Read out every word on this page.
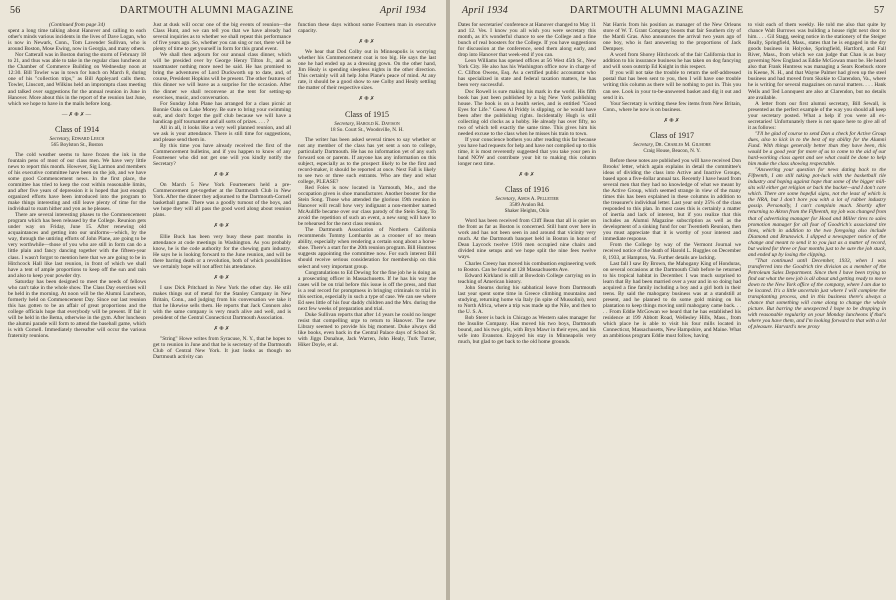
56	DARTMOUTH ALUMNI MAGAZINE	April 1934

(Continued from page 34)

spent a long time talking about Hanover and calling to each other's minds various incidents in the lives of Dave Logan, who is now in Newark, Conn., Tom Lavender Sullivan, who is around Boston, Mose Ewing, now in Georgia, and many others.

Nor Catterall was in Boston during the storm of February 18 to 21, and thus was able to take in the regular class luncheon at the Chamber of Commerce Building on Wednesday noon at 12:30. Bill Towler was in town for lunch on March 8, during one of his "collection trips," as Bill Appleyard calls them. Towler, Linscott, and Wilkins held an impromptu class meeting and talked over suggestions for the annual reunion in June in Hanover. More about this in the report of the reunion last June, which we hope to have in the mails before long.

—✗✙✗—
Class of 1914

Secretary, Edward Leech

565 Boylston St., Boston

The cold weather seems to have frozen the ink in the fountain pens of most of our class men. We have very little news to report this month. However, Sig Larmon and members of his executive committee have been on the job, and we have some good Commencement news. In the first place, the committee has tried to keep the cost within reasonable limits, and after five years of depression it is hoped that just enough organized efforts have been introduced into the program to make things interesting and still leave plenty of time for the individual to roam hither and yon as he pleases.

There are several interesting phases to the Commencement program which has been released by the College. Reunion gets under way on Friday, June 15. After renewing old acquaintances and getting into our uniforms—which, by the way, through the untiring efforts of John Plane, are going to be very worthwhile—those of you who are still in form can do a little plain and fancy dancing together with the fifteen-year class. I wasn't forgot to mention here that we are going to be in Hitchcock Hall like last reunion, in front of which we shall have a tent of ample proportions to keep off the sun and rain and also to keep your powder dry.

Saturday has been designed to meet the needs of fellows who can't take in the whole show. The Class Day exercises will be held in the morning. At noon will be the Alumni Luncheon, formerly held on Commencement Day. Since our last reunion this has gotten to be an affair of great proportions and the college officials hope that everybody will be present. If fair it will be held in the Bema, otherwise in the gym. After luncheon the alumni parade will form to attend the baseball game, which is with Cornell. Immediately thereafter will occur the various fraternity reunions.

Just at dusk will occur one of the big events of reunion—the Class Hunt, and we can tell you that we have already had several inquiries as to whether we shall repeat this performance of five years ago. So, whether you can sing or not, there will be plenty of time to get yourself in form for this grand event.

We shall then adjourn for our annual class dinner, which will be presided over by George Henry Tilton Jr., and as toastmaster nothing more need be said. He has promised to bring the adventures of Lord Duckworth up to date, and, of course, President Hopkins will be present. The other features of this dinner we will leave as a surprise for the occasion. After the dinner we shall reconvene at the tent for setting-up exercises, music, and conversation.

For Sunday John Plane has arranged for a class picnic at Bonnie Oaks on Lake Morey. Be sure to bring your swimming suit, and don't forget the golf club because we will have a handicap golf tournament and all sorts of prizes. . . . ?

All in all, it looks like a very well planned reunion, and all we ask is your attendance. There is still time for suggestions, and please send them in.

By this time you have already received the first of the Commencement bulletins, and if you happen to know of any Fourteener who did not get one will you kindly notify the Secretary?

✗✙✗

On March 5 New York Fourteeners held a pre-Commencement get-together at the Dartmouth Club in New York. After the dinner they adjourned to the Dartmouth-Cornell basketball game. There was a goodly turnout of the boys, and we hope they will all pass the good word along about reunion plans.

✗✙✗

Ellie Buck has been very busy these past months in attendance at code meetings in Washington. As you probably know, he is the code authority for the chewing gum industry. He says he is looking forward to the June reunion, and will be there barring death or a revolution, both of which possibilities we certainly hope will not affect his attendance.

✗✙✗

I saw Dick Pritchard in New York the other day. He still makes things out of metal for the Stanley Company in New Britain, Conn., and judging from his conversation we take it that he likewise sells them. He reports that Jack Connors also with the same company is very much alive and well, and is president of the Central Connecticut Dartmouth Association.

✗✙✗

"String" Howe writes from Syracuse, N. Y., that he hopes to get to reunion in June and that he is secretary of the Dartmouth Club of Central New York. It just looks as though no Dartmouth activity can

function these days without some Fourteen man in executive capacity.

✗✙✗

We hear that Dod Colby out in Minneapolis is worrying whether his Commencement coat is too big. He says the last one he had ended up as a dressing gown. On the other hand, Jim Healy is spending sleepless nights in the other direction. This certainly will all help John Plane's peace of mind. At any rate, it should be a good show to see Colby and Healy settling the matter of their respective sizes.

✗✙✗
Class of 1915

Secretary, Harold K. Davison

18 So. Court St., Woodsville, N. H.

The writer has been asked several times to say whether or not any member of the class has yet sent a son to college, particularly Dartmouth. He has no information yet of any such forward son or parents. If anyone has any information on this subject, especially as to the prospect likely to be the first and record-maker, it should be reported at once. Next Fall is likely to see two or three such entrants. Who are they and what college, PLEASE?

Red Foles is now located in Yarmouth, Me., and the occupation given is shoe manufacturer. Another booster for the Stein Song. Those who attended the glorious 19th reunion in Hanover will recall how very indignant a non-member named McAuliffe became over our class parody of the Stein Song. To avoid the repetition of such an event, a new song will have to be rehearsed for the next class reunion.

The Dartmouth Association of Northern California recommends Tommy Lombardo as a crooner of no mean ability, especially when rendering a certain song about a horse-shoe. There's a start for the 20th reunion program. Bill Huntress suggests appointing the committee now. For such interest Bill should receive serious consideration for membership on this select and very important group.

Congratulations to Ed Dewing for the fine job he is doing as a prosecuting officer in Massachusetts. If he has his way the cases will be on trial before this issue is off the press, and that is a real record for promptness in bringing criminals to trial in this section, especially in such a type of case. We can see where Ed sees little of his four daddy children and the Mrs. during the next few weeks of preparation and trial.

Duke Sullivan reports that after 14 years he could no longer resist that compelling urge to return to Hanover. The new Library seemed to provide his big moment. Duke always did like books, even back in the Central Palace days of School St. with Jiggs Donahue, Jack Warren, John Healy, Turk Turner, Hiker Doyle, et al.

April 1934	DARTMOUTH ALUMNI MAGAZINE	57

Dates for secretaries' conference at Hanover changed to May 11 and 12. Ves. I know you all wish you were secretary this month, as it's wonderful chance to see the College and a fine bunch of real boosters for the College. If you have suggestions for discussion at the conference, send them along early, and drop into Hanover that week-end if you can.

Leon Williams has opened offices at 56 West 45th St., New York City. He also has his Washington office now in charge of C. Clifton Owens, Esq. As a certified public accountant who has specialized in state and federal taxation matters, he has been very successful.

Doc Rowell is sure making his mark in the world. His fifth book has just been published by a big New York publishing house. The book is on a health series, and is entitled "Good Eyes for Life." Guess Al Priddy is slipping, or he would have been after the publishing rights. Incidentally Hugh is still collecting old clocks as a hobby. He already has over fifty, no two of which tell exactly the same time. This gives him his needed excuse to the class when he misses his train to town.

If your conscience bothers you after reading this far because you have had requests for help and have not complied up to this time, it is most reverently suggested that you take your pen in hand NOW and contribute your bit to making this column longer next time.

✗✙✗
Class of 1916

Secretary, Amos A. Pelletier

3589 Avalon Rd.

Shaker Heights, Ohio

Word has been received from Cliff Bean that all is quiet on the front as far as Boston is concerned. Still hunt over here in work and has not been seen in and around that vicinity very much. At the Dartmouth banquet held in Boston in honor of Dean Laycock twelve 1916 men occupied nine chairs and divided nine setups and we hope split the nine fees twelve ways.

Charles Creesy has moved his combustion engineering work to Boston. Can be found at 128 Massachusetts Ave.

Edward Kirkland is still at Bowdoin College carrying on in teaching of American history.

John Stearns during his sabbatical leave from Dartmouth last year spent some time in Greece climbing mountains and studying, returning home via Italy (in spite of Mussolini), next to North Africa, where a trip was made up the Nile, and then to the U. S. A.

Bob Sterer is back in Chicago as Western sales manager for the Insulite Company. Has moved his two boys, Dartmouth bound, and his two girls, with Bryn Mawr in their eyes, and his wife into Evanston. Enjoyed his stay in Minneapolis very much, but glad to get back to the old home grounds.

Nat Harris from his position as manager of the New Orleans store of W. T. Grant Company boosts that fair Southern city of the Mardi Gras. Also announces the arrival two years ago of one boy, who is fast answering to the proportions of Jack Dempsey.

A word from Shorey Hitchcock of the fair California that in addition to his insurance business he has taken on dog fancying and will soon outstrip Ed Knight in this respect.

If you will not take the trouble to return the self-addressed postal that has been sent to you, then I will have one trouble writing this column as there will be nothing to put in. This you can see. Look in your to-be-answered basket and dig it out and send it in.

Your Secretary is writing these few items from New Britain, Conn., where he now is on business.

✗✙✗
Class of 1917

Secretary, Dr. Charles M. Gilmore

Craig House, Beacon, N. Y.

Before these notes are published you will have received Don Brooks' letter, which again explains in detail the committee's ideas of dividing the class into Active and Inactive Groups, based upon a five-dollar annual tax. Recently I have heard from several men that they had no knowledge of what we meant by the Active Group, which seemed strange in view of the many times this has been explained in these columns in addition to the treasurer's individual letter. Last year only 25% of the class responded to this plan. In most cases this is certainly a matter of inertia and lack of interest, but if you realize that this includes an Alumni Magazine subscription as well as the development of a sinking fund for our Twentieth Reunion, then you must appreciate that it is worthy of your interest and immediate response.

From the College by way of the Vermont Journal we received notice of the death of Harold L. Ruggles on December 8, 1933, at Hampton, Va. Further details are lacking.

Last fall I saw By Brown, the Mahogany King of Honduras, on several occasions at the Dartmouth Club before he returned to his tropical habitat in December. I was much surprised to learn that By had been married over a year and in so doing had acquired a fine family including a boy and a girl both in their teens. By said the mahogany business was at a standstill at present, and he planned to do some gold mining on his plantation to keep things moving until mahogany came back. . . . . From Eddie McGowan we heard that he has established his residence at 199 Abbott Road, Wellesley Hills, Mass., from which place he is able to visit his four mills located in Connecticut, Massachusetts, New Hampshire, and Maine. What an ambitious program Eddie must follow, having

to visit each of them weekly. He told me also that quite by chance Walt Burrows was building a house right next door to him. . . . Gil Stagg, seeing notice in the stationery of the Steiger Really, Springfield, Mass., states that he is engaged in the dry goods business in Holyoke, Springfield, Hartford, and Fall River, Mass., from which we can judge that Chan is as busy governing New England as Eddie McGowan must be. He heard also that Frank Huntress was managing a Sears Roebuck store in Keene, N. H., and that Wayne Palmer had given up the steel business and had moved from Skokie to Clarendon, Va., where he is writing for several magazines on naval matters. . . . Hank Wells and Ted Lonnquest are also at Clarendon, but no details are available.

A letter from our first alumni secretary, Bill Sewall, is presented as the perfect example of the way you should all keep your secretary posted. What a help if you were all ex-secretaries! Unfortunately there is not space here to give all of it as follows:

"I'll be glad of course to send Don a check for Active Group dues, also to kick in to the best of my ability for the Alumni Fund. With things generally better than they have been, this would be a good year for more of us to come to the aid of our hard-working class agent and see what could be done to help him make the class showing respectable.

"Answering your question for news dating back to the Fifteenth, I am still taking pot-luck with the basketball tile industry and hoping against hope that some of the bigger mill-sits will either get religion or back the bucket—and I don't care which. There are some hopeful signs, not the least of which is the NRA, but I don't bore you with a lot of rubber industry gossip. Personally, I can't complain much. Shortly after returning to Akron from the Fifteenth, my job was changed from that of advertising manager for Hood and Miller tires to sales promotion manager for all four of Goodrich's associated tire lines, which in addition to the two foregoing also include Diamond and Brunswick. I slipped a newspaper notice of the change and meant to send it to you just as a matter of record, but waited for three or four months just to be sure the job stuck, and ended up by losing the clipping.

"That continued until December, 1933, when I was transferred into the Goodrich tire division as a member of the Petroleum Sales Department. Since then I have been trying to find out what the new job is all about and getting ready to move down to the New York office of the company, where I am due to be located. It's a little uncertain just where I will complete the transplanting process, and in this business there's always a chance that something will come along to change the whole picture. But barring the unexpected I hope to be dropping in with reasonable regularity on your Monday luncheons if that's where you have them, and I'm looking forward to that with a lot of pleasure. Harvard's new proxy
